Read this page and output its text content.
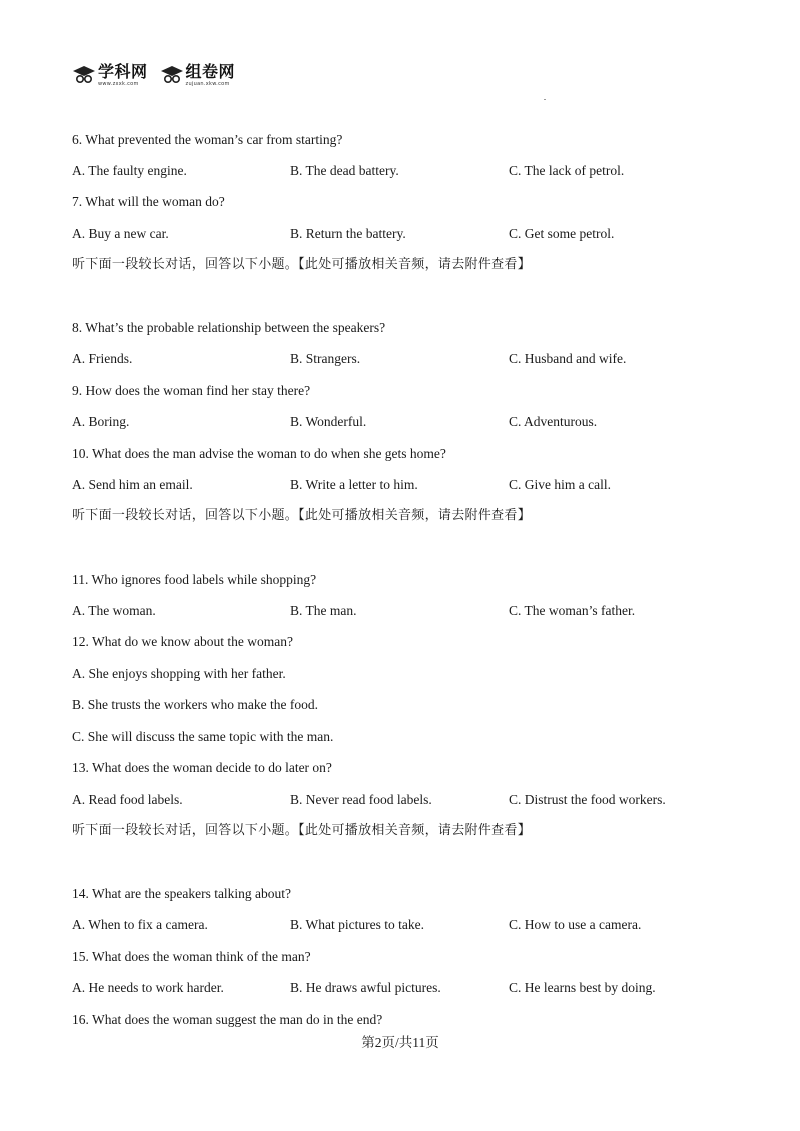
学科网
www.zxxk.com
组卷网
zujuan.xkw.com
6. What prevented the woman’s car from starting?
A. The faulty engine.	B. The dead battery.	C. The lack of petrol.
7. What will the woman do?
A. Buy a new car.	B. Return the battery.	C. Get some petrol.
听下面一段较长对话，回答以下小题。【此处可播放相关音频，请去附件查看】
8. What’s the probable relationship between the speakers?
A. Friends.	B. Strangers.	C. Husband and wife.
9. How does the woman find her stay there?
A. Boring.	B. Wonderful.	C. Adventurous.
10. What does the man advise the woman to do when she gets home?
A. Send him an email.	B. Write a letter to him.	C. Give him a call.
听下面一段较长对话，回答以下小题。【此处可播放相关音频，请去附件查看】
11. Who ignores food labels while shopping?
A. The woman.	B. The man.	C. The woman’s father.
12. What do we know about the woman?
A. She enjoys shopping with her father.
B. She trusts the workers who make the food.
C. She will discuss the same topic with the man.
13. What does the woman decide to do later on?
A. Read food labels.	B. Never read food labels.	C. Distrust the food workers.
听下面一段较长对话，回答以下小题。【此处可播放相关音频，请去附件查看】
14. What are the speakers talking about?
A. When to fix a camera.	B. What pictures to take.	C. How to use a camera.
15. What does the woman think of the man?
A. He needs to work harder.	B. He draws awful pictures.	C. He learns best by doing.
16. What does the woman suggest the man do in the end?
第2页/共11页
